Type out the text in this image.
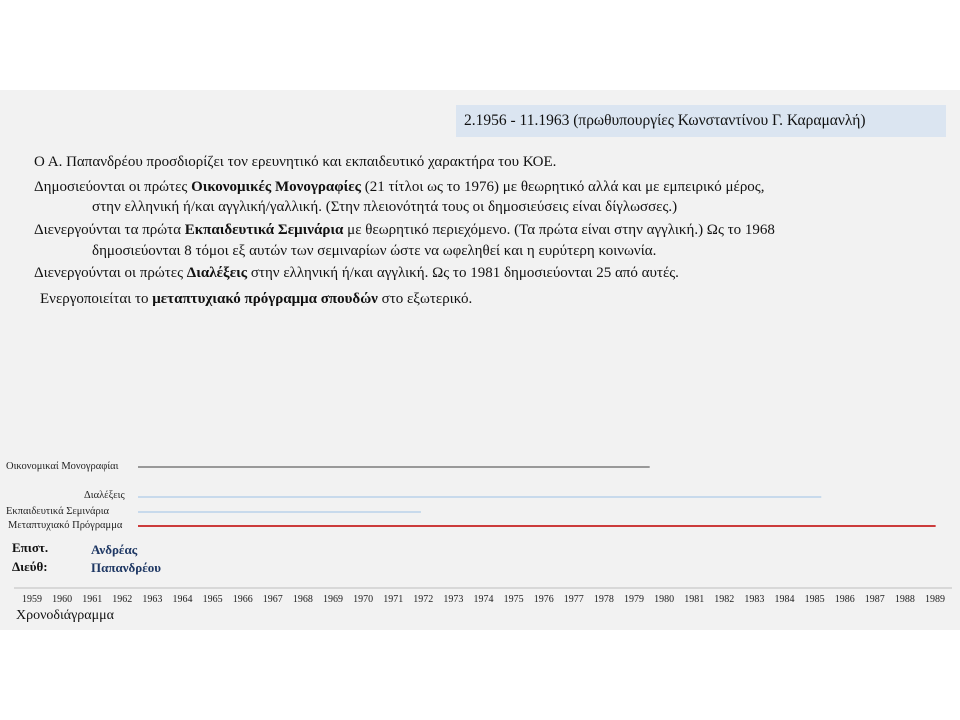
2.1956 - 11.1963 (πρωθυπουργίες Κωνσταντίνου Γ. Καραμανλή)
Ο Α. Παπανδρέου προσδιορίζει τον ερευνητικό και εκπαιδευτικό χαρακτήρα του ΚΟΕ.
Δημοσιεύονται οι πρώτες Οικονομικές Μονογραφίες (21 τίτλοι ως το 1976) με θεωρητικό αλλά και με εμπειρικό μέρος,
στην ελληνική ή/και αγγλική/γαλλική. (Στην πλειονότητά τους οι δημοσιεύσεις είναι δίγλωσσες.)
Διενεργούνται τα πρώτα Εκπαιδευτικά Σεμινάρια με θεωρητικό περιεχόμενο. (Τα πρώτα είναι στην αγγλική.) Ως το 1968
δημοσιεύονται 8 τόμοι εξ αυτών των σεμιναρίων ώστε να ωφεληθεί και η ευρύτερη κοινωνία.
Διενεργούνται οι πρώτες Διαλέξεις στην ελληνική ή/και αγγλική. Ως το 1981 δημοσιεύονται 25 από αυτές.
Ενεργοποιείται το μεταπτυχιακό πρόγραμμα σπουδών στο εξωτερικό.
Οικονομικαί Μονογραφίαι
Διαλέξεις
Εκπαιδευτικά Σεμινάρια
Μεταπτυχιακό Πρόγραμμα
Επιστ.
Διεύθ:
Ανδρέας
Παπανδρέου
1959 1960 1961 1962 1963 1964 1965 1966 1967 1968 1969 1970 1971 1972 1973 1974 1975 1976 1977 1978 1979 1980 1981 1982 1983 1984 1985 1986 1987 1988 1989
Χρονοδιάγραμμα
